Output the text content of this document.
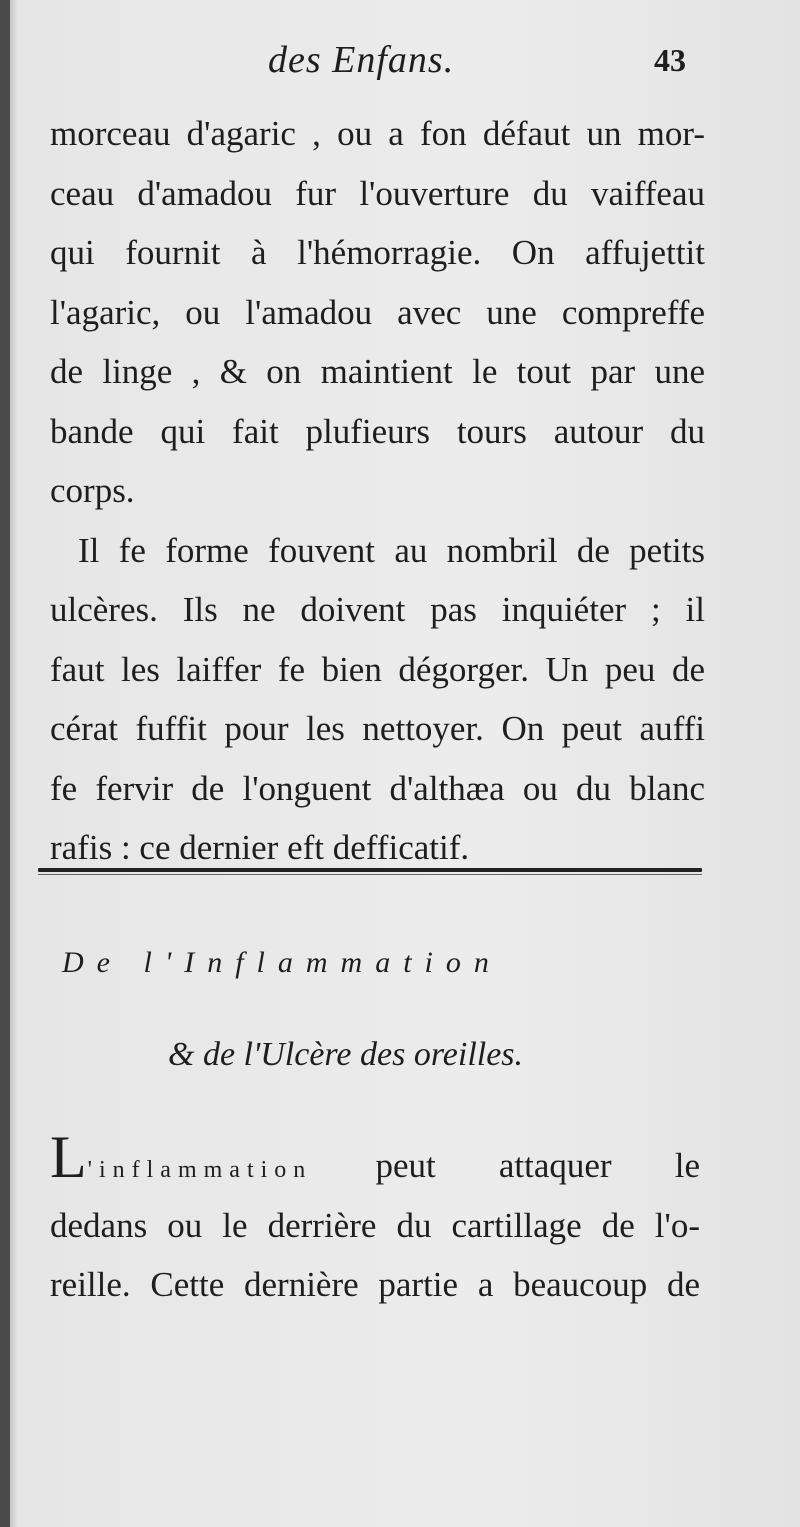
des Enfans.	43
morceau d'agaric , ou a fon défaut un mor-
ceau d'amadou fur l'ouverture du vaiffeau
qui fournit à l'hémorragie. On affujettit
l'agaric, ou l'amadou avec une compreffe
de linge , & on maintient le tout par une
bande qui fait plufieurs tours autour du
corps.
Il fe forme fouvent au nombril de petits
ulcères. Ils ne doivent pas inquiéter ; il
faut les laiffer fe bien dégorger. Un peu de
cérat fuffit pour les nettoyer. On peut auffi
fe fervir de l'onguent d'althæa ou du blanc
rafis : ce dernier eft defficatif.
De l'Inflammation
& de l'Ulcère des oreilles.
L'inflammation peut attaquer le
dedans ou le derrière du cartillage de l'o-
reille. Cette dernière partie a beaucoup de
